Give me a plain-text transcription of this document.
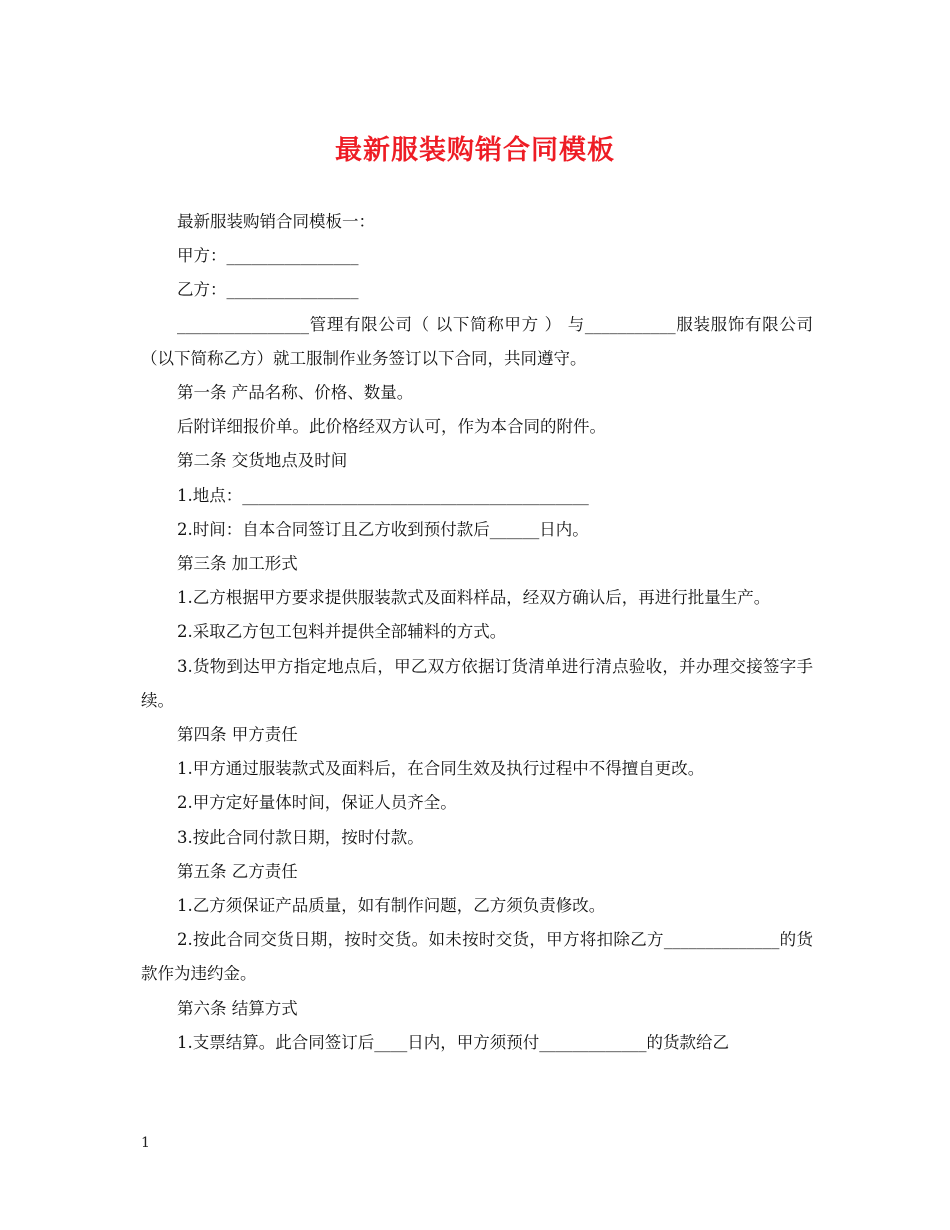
最新服装购销合同模板

最新服装购销合同模板一：

甲方：________________

乙方：________________

________________管理有限公司（ 以下简称甲方 ） 与___________服装服饰有限公司（以下简称乙方）就工服制作业务签订以下合同，共同遵守。

第一条 产品名称、价格、数量。

后附详细报价单。此价格经双方认可，作为本合同的附件。

第二条 交货地点及时间

1.地点：__________________________________________

2.时间：自本合同签订且乙方收到预付款后______日内。

第三条 加工形式

1.乙方根据甲方要求提供服装款式及面料样品，经双方确认后，再进行批量生产。

2.采取乙方包工包料并提供全部辅料的方式。

3.货物到达甲方指定地点后，甲乙双方依据订货清单进行清点验收，并办理交接签字手续。

第四条 甲方责任

1.甲方通过服装款式及面料后，在合同生效及执行过程中不得擅自更改。

2.甲方定好量体时间，保证人员齐全。

3.按此合同付款日期，按时付款。

第五条 乙方责任

1.乙方须保证产品质量，如有制作问题，乙方须负责修改。

2.按此合同交货日期，按时交货。如未按时交货，甲方将扣除乙方______________的货款作为违约金。

第六条 结算方式

1.支票结算。此合同签订后____日内，甲方须预付_____________的货款给乙

1
